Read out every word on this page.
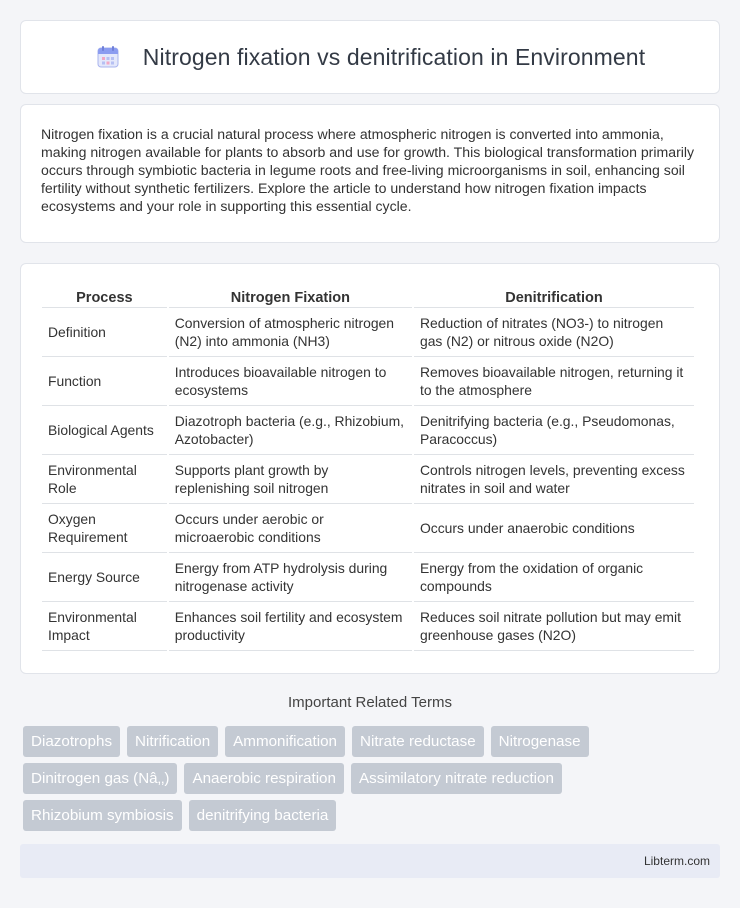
Nitrogen fixation vs denitrification in Environment

Nitrogen fixation is a crucial natural process where atmospheric nitrogen is converted into ammonia, making nitrogen available for plants to absorb and use for growth. This biological transformation primarily occurs through symbiotic bacteria in legume roots and free-living microorganisms in soil, enhancing soil fertility without synthetic fertilizers. Explore the article to understand how nitrogen fixation impacts ecosystems and your role in supporting this essential cycle.

Process	Nitrogen Fixation	Denitrification
Definition	Conversion of atmospheric nitrogen (N2) into ammonia (NH3)	Reduction of nitrates (NO3-) to nitrogen gas (N2) or nitrous oxide (N2O)
Function	Introduces bioavailable nitrogen to ecosystems	Removes bioavailable nitrogen, returning it to the atmosphere
Biological Agents	Diazotroph bacteria (e.g., Rhizobium, Azotobacter)	Denitrifying bacteria (e.g., Pseudomonas, Paracoccus)
Environmental Role	Supports plant growth by replenishing soil nitrogen	Controls nitrogen levels, preventing excess nitrates in soil and water
Oxygen Requirement	Occurs under aerobic or microaerobic conditions	Occurs under anaerobic conditions
Energy Source	Energy from ATP hydrolysis during nitrogenase activity	Energy from the oxidation of organic compounds
Environmental Impact	Enhances soil fertility and ecosystem productivity	Reduces soil nitrate pollution but may emit greenhouse gases (N2O)
Important Related Terms
Diazotrophs	Nitrification	Ammonification	Nitrate reductase	Nitrogenase
Dinitrogen gas (Nâ‚‚)	Anaerobic respiration	Assimilatory nitrate reduction
Rhizobium symbiosis	denitrifying bacteria
Libterm.com
